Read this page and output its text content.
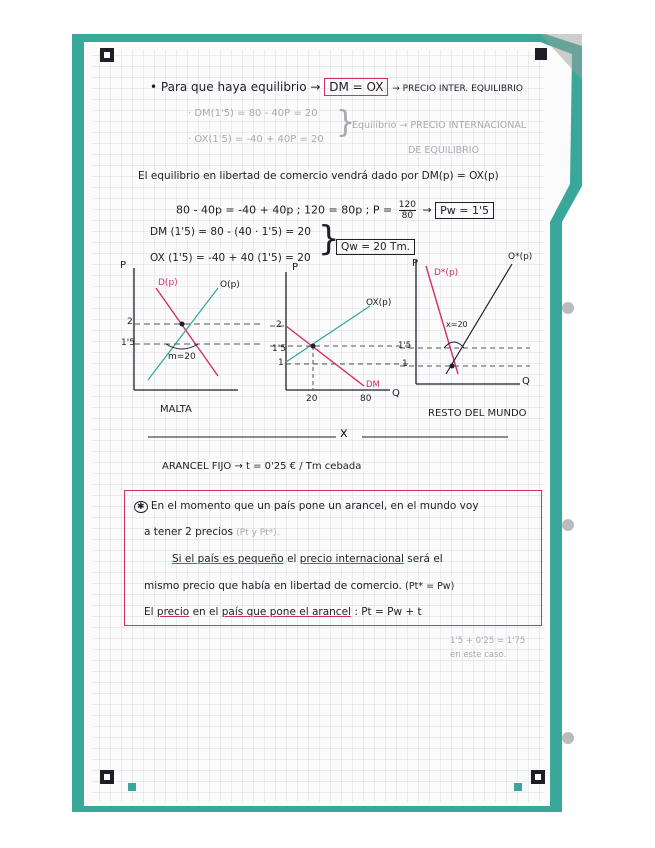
• Para que haya equilibrio → DM = OX → PRECIO INTER. EQUILIBRIO
· DM(1'5) = 80 - 40P = 20
· OX(1'5) = -40 + 40P = 20 }
Equilibrio → PRECIO INTERNACIONAL
DE EQUILIBRIO
El equilibrio en libertad de comercio vendrá dado por DM(p) = OX(p)
80 - 40p = -40 + 40p ; 120 = 80p ; $P = \frac{120}{80} \to Pw = 1'5$
DM (1'5) = 80 - (40 · 1'5) = 20
OX (1'5) = -40 + 40 (1'5) = 20 } Qw = 20 Tm.
P
D(p)	O(p)
2
1'5
m=20
MALTA
P
OX(p)
DM
2
1'5
1
20	80 Q
P
D*(p)
O*(p)
x=20
1'5
1
Q
RESTO DEL MUNDO
x
ARANCEL FIJO → t = 0'25 € / Tm cebada
✱ En el momento que un país pone un arancel, en el mundo voy
a tener 2 precios (Pt y Pt*).
Si el país es pequeño el precio internacional será el
mismo precio que había en libertad de comercio. (Pt* = Pw)
El precio en el país que pone el arancel : Pt = Pw + t
1'5 + 0'25 = 1'75
en este caso.
